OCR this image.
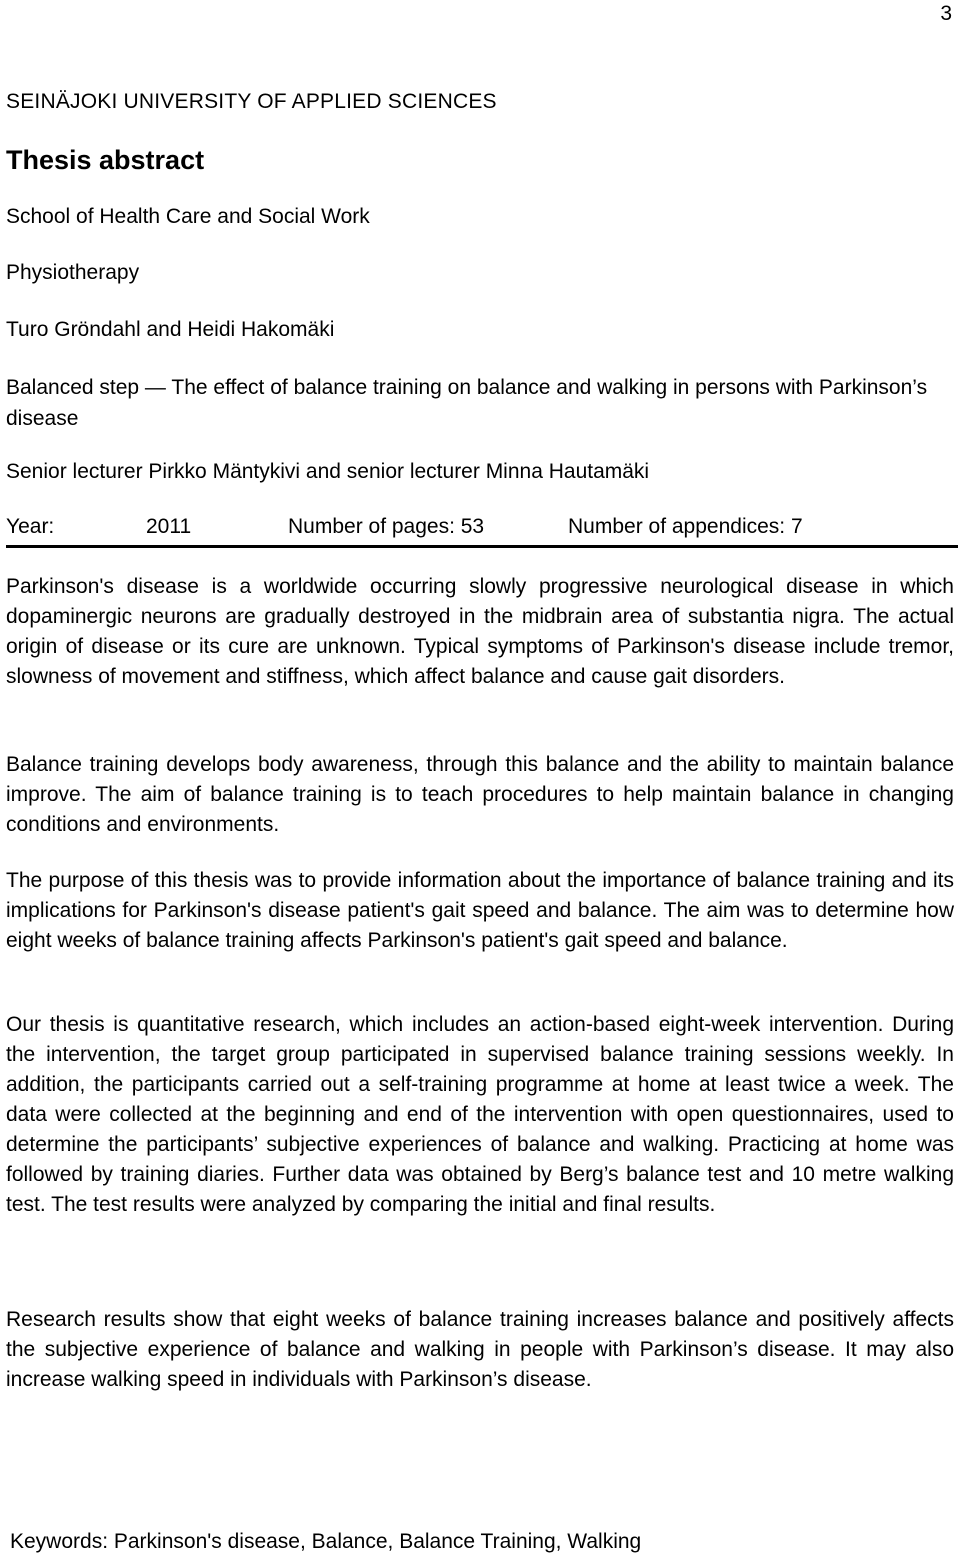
3
SEINÄJOKI UNIVERSITY OF APPLIED SCIENCES
Thesis abstract
School of Health Care and Social Work
Physiotherapy
Turo Gröndahl and Heidi Hakomäki
Balanced step — The effect of balance training on balance and walking in persons with Parkinson’s disease
Senior lecturer Pirkko Mäntykivi and senior lecturer Minna Hautamäki
Year:	2011	Number of pages: 53	Number of appendices: 7

Parkinson's disease is a worldwide occurring slowly progressive neurological disease in which dopaminergic neurons are gradually destroyed in the midbrain area of substantia nigra. The actual origin of disease or its cure are unknown. Typical symptoms of Parkinson's disease include tremor, slowness of movement and stiffness, which affect balance and cause gait disorders.

Balance training develops body awareness, through this balance and the ability to maintain balance improve. The aim of balance training is to teach procedures to help maintain balance in changing conditions and environments.

The purpose of this thesis was to provide information about the importance of balance training and its implications for Parkinson's disease patient's gait speed and balance. The aim was to determine how eight weeks of balance training affects Parkinson's patient's gait speed and balance.

Our thesis is quantitative research, which includes an action-based eight-week intervention. During the intervention, the target group participated in supervised balance training sessions weekly. In addition, the participants carried out a self-training programme at home at least twice a week. The data were collected at the beginning and end of the intervention with open questionnaires, used to determine the participants’ subjective experiences of balance and walking. Practicing at home was followed by training diaries. Further data was obtained by Berg’s balance test and 10 metre walking test. The test results were analyzed by comparing the initial and final results.

Research results show that eight weeks of balance training increases balance and positively affects the subjective experience of balance and walking in people with Parkinson’s disease. It may also increase walking speed in individuals with Parkinson’s disease.

Keywords: Parkinson's disease, Balance, Balance Training, Walking
